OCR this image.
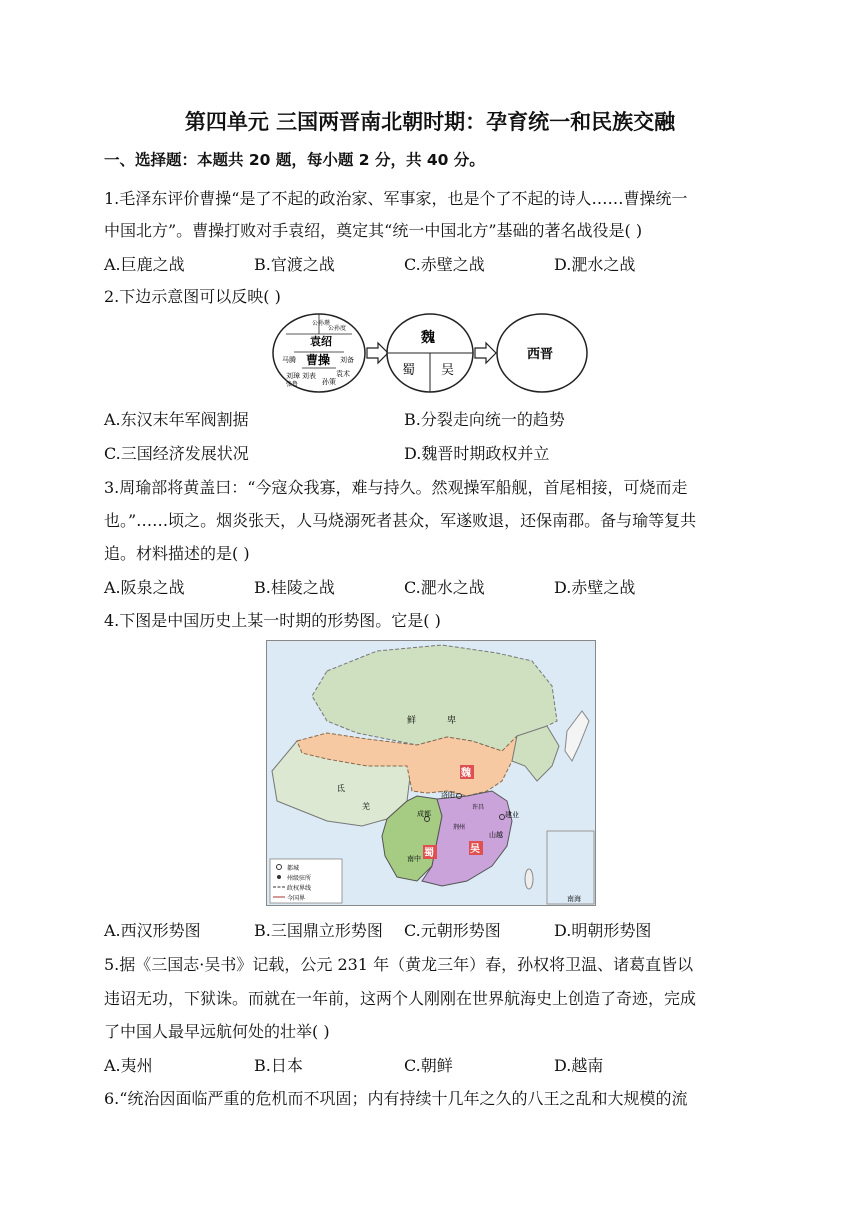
第四单元 三国两晋南北朝时期：孕育统一和民族交融
一、选择题：本题共 20 题，每小题 2 分，共 40 分。
1.毛泽东评价曹操“是了不起的政治家、军事家，也是个了不起的诗人……曹操统一
中国北方”。曹操打败对手袁绍，奠定其“统一中国北方”基础的著名战役是( )
A.巨鹿之战	B.官渡之战	C.赤壁之战	D.淝水之战
2.下边示意图可以反映( )
公孙瓒
公孙度
袁绍
马腾 曹操 刘备
刘璋 刘表
孙策
张鲁
袁术
魏
蜀 吴
西晋
A.东汉末年军阀割据	B.分裂走向统一的趋势
C.三国经济发展状况	D.魏晋时期政权并立
3.周瑜部将黄盖曰：“今寇众我寡，难与持久。然观操军船舰，首尾相接，可烧而走
也。”……顷之。烟炎张天，人马烧溺死者甚众，军遂败退，还保南郡。备与瑜等复共
追。材料描述的是( )
A.阪泉之战	B.桂陵之战	C.淝水之战	D.赤壁之战
4.下图是中国历史上某一时期的形势图。它是( )
都城
州级驻所
政权界线
今国界	南海
鲜	卑
魏
洛阳
许昌
成都	建业
蜀	吴
山越
南中
荆州
氐
羌
A.西汉形势图	B.三国鼎立形势图 C.元朝形势图	D.明朝形势图
5.据《三国志·吴书》记载，公元 231 年（黄龙三年）春，孙权将卫温、诸葛直皆以
违诏无功，下狱诛。而就在一年前，这两个人刚刚在世界航海史上创造了奇迹，完成
了中国人最早远航何处的壮举( )
A.夷州	B.日本	C.朝鲜	D.越南
6.“统治因面临严重的危机而不巩固；内有持续十几年之久的八王之乱和大规模的流
